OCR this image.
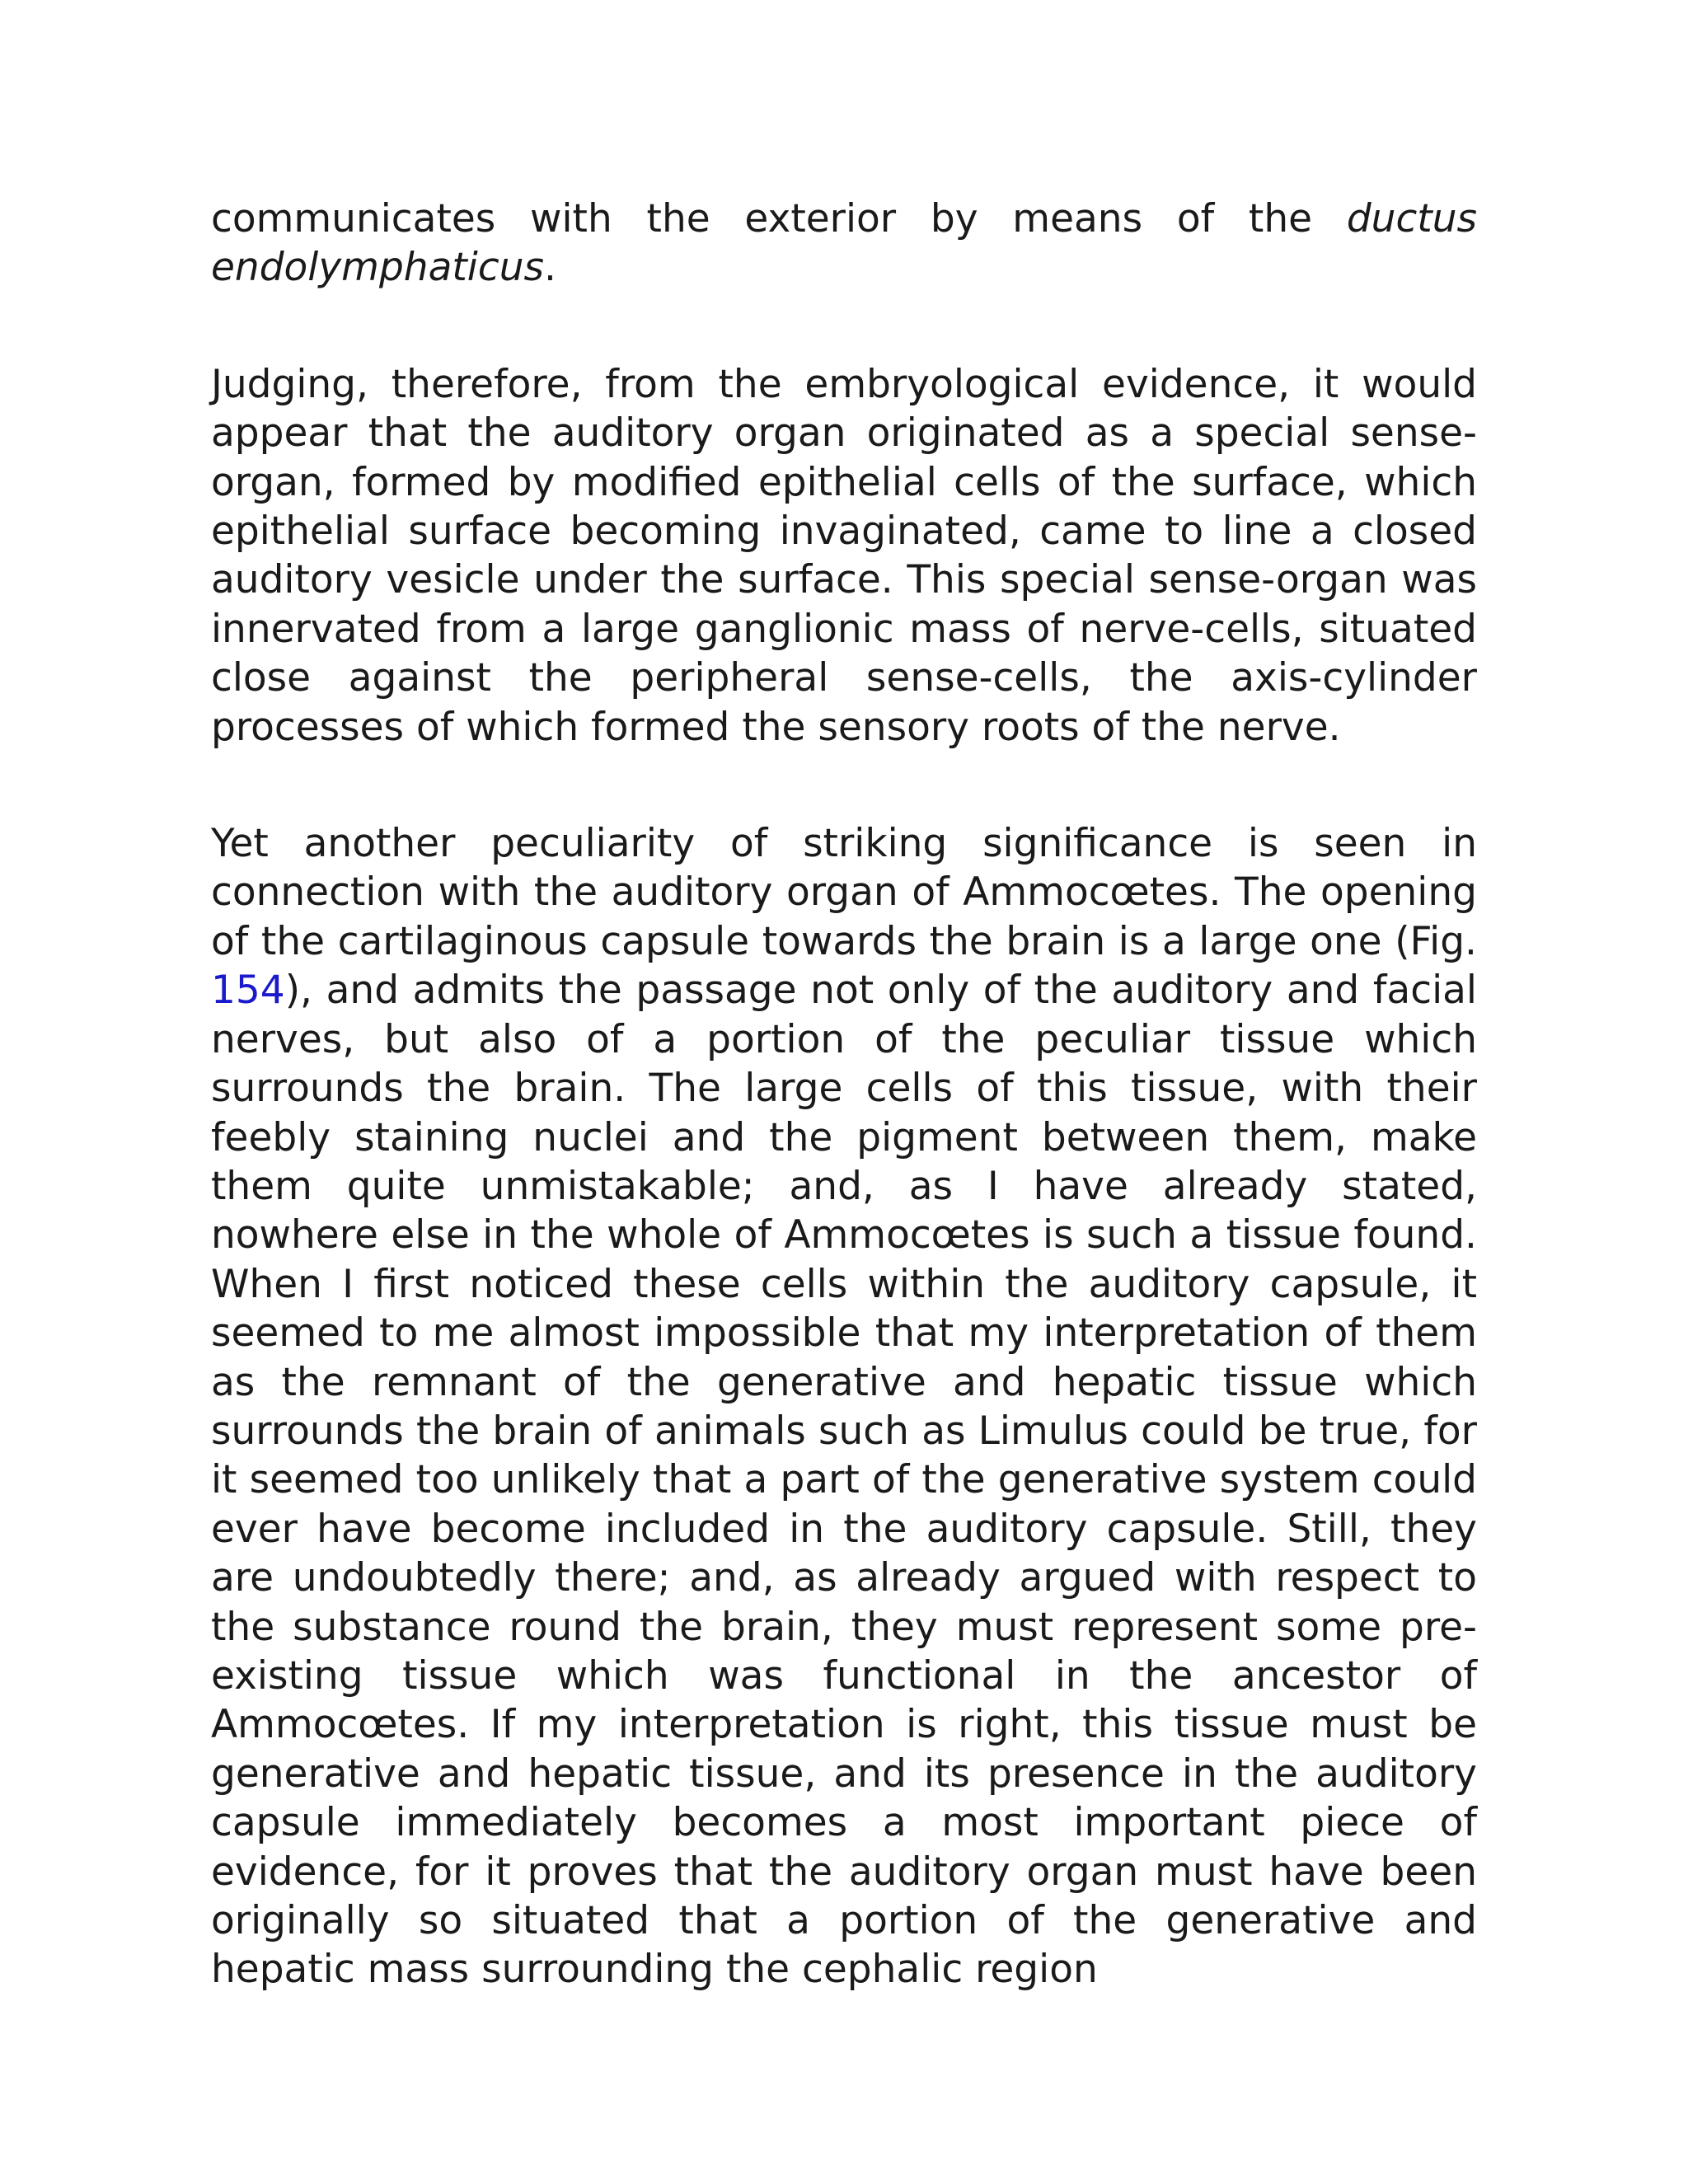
communicates with the exterior by means of the ductus endolymphaticus.

Judging, therefore, from the embryological evidence, it would appear that the auditory organ originated as a special sense-organ, formed by modified epithelial cells of the surface, which epithelial surface becoming invaginated, came to line a closed auditory vesicle under the surface. This special sense-organ was innervated from a large ganglionic mass of nerve-cells, situated close against the peripheral sense-cells, the axis-cylinder processes of which formed the sensory roots of the nerve.

Yet another peculiarity of striking significance is seen in connection with the auditory organ of Ammocœtes. The opening of the cartilaginous capsule towards the brain is a large one (Fig. 154), and admits the passage not only of the auditory and facial nerves, but also of a portion of the peculiar tissue which surrounds the brain. The large cells of this tissue, with their feebly staining nuclei and the pigment between them, make them quite unmistakable; and, as I have already stated, nowhere else in the whole of Ammocœtes is such a tissue found. When I first noticed these cells within the auditory capsule, it seemed to me almost impossible that my interpretation of them as the remnant of the generative and hepatic tissue which surrounds the brain of animals such as Limulus could be true, for it seemed too unlikely that a part of the generative system could ever have become included in the auditory capsule. Still, they are undoubtedly there; and, as already argued with respect to the substance round the brain, they must represent some pre-existing tissue which was functional in the ancestor of Ammocœtes. If my interpretation is right, this tissue must be generative and hepatic tissue, and its presence in the auditory capsule immediately becomes a most important piece of evidence, for it proves that the auditory organ must have been originally so situated that a portion of the generative and hepatic mass surrounding the cephalic region
